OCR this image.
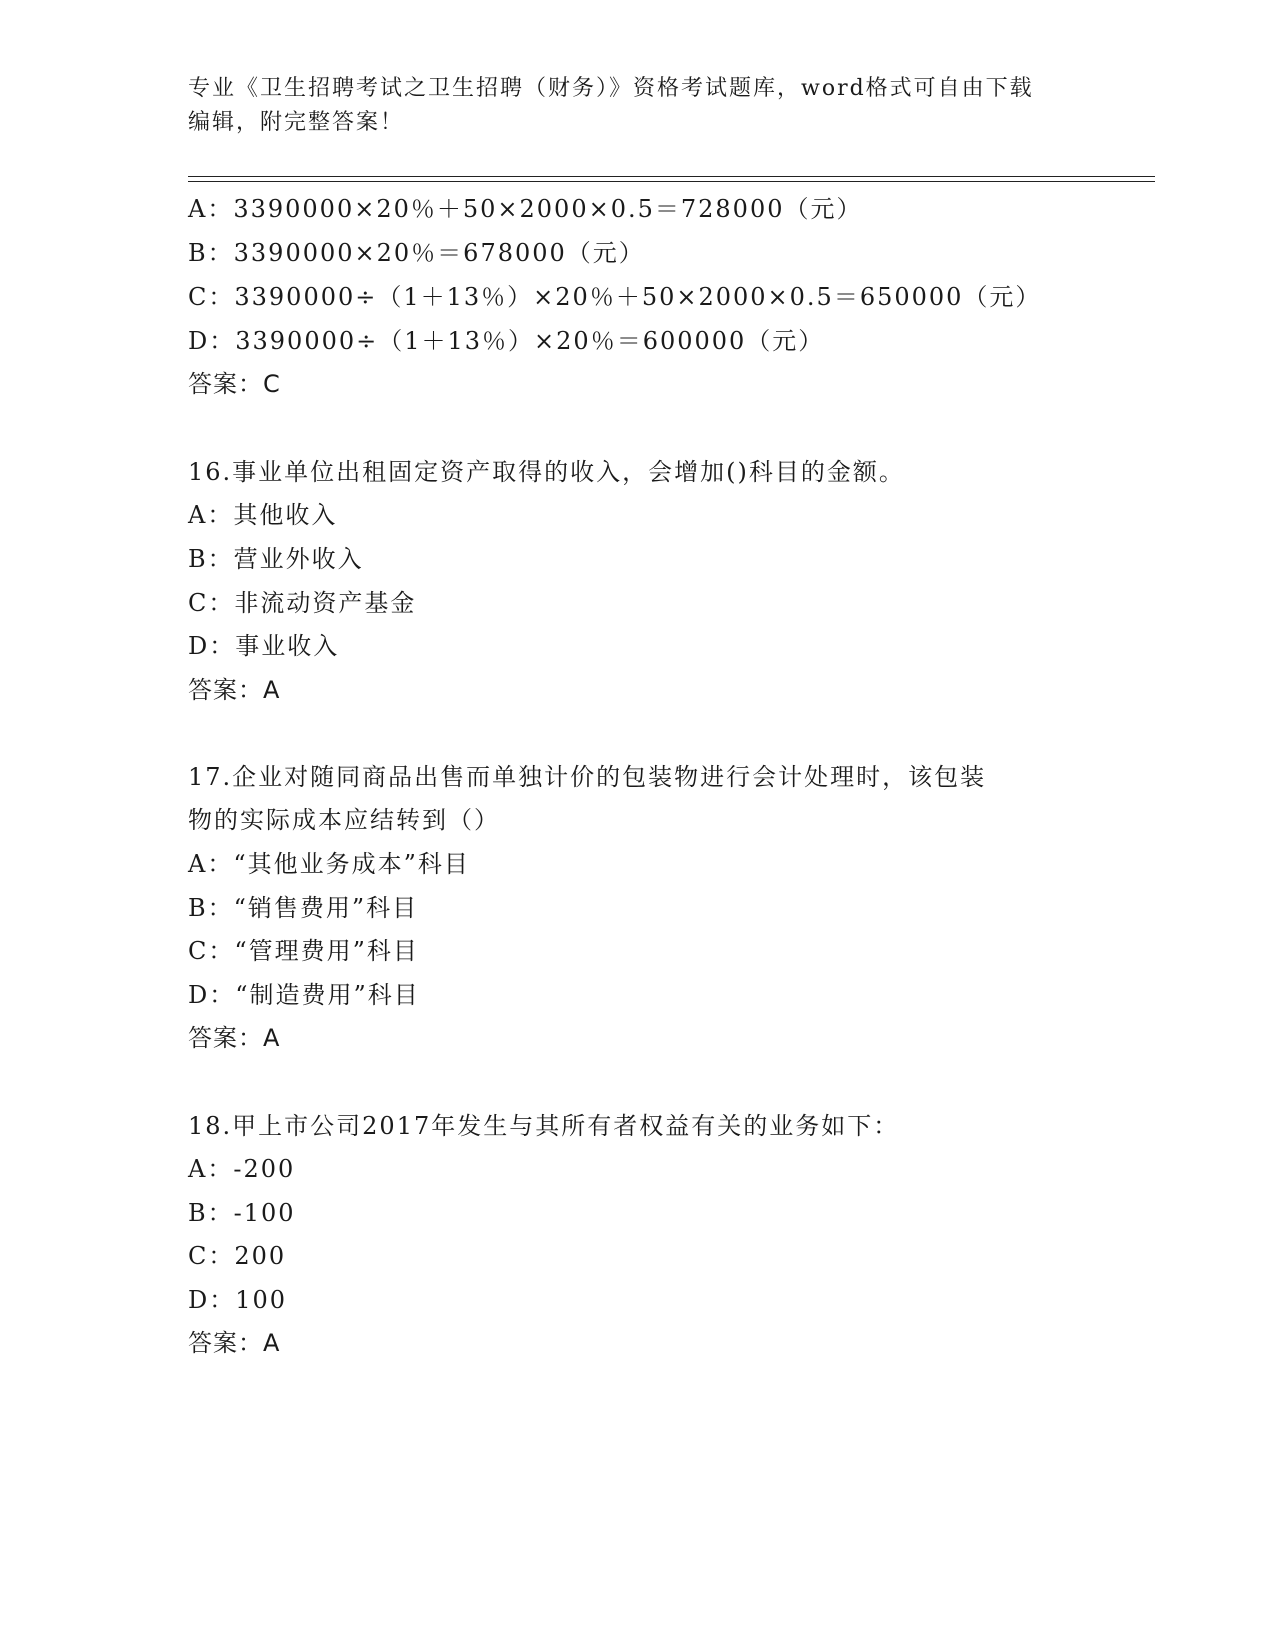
专业《卫生招聘考试之卫生招聘（财务）》资格考试题库，word格式可自由下载
编辑，附完整答案！
A：3390000×20％＋50×2000×0.5＝728000（元）
B：3390000×20％＝678000（元）
C：3390000÷（1＋13％）×20％＋50×2000×0.5＝650000（元）
D：3390000÷（1＋13％）×20％＝600000（元）
答案：C
16.事业单位出租固定资产取得的收入，会增加()科目的金额。
A：其他收入
B：营业外收入
C：非流动资产基金
D：事业收入
答案：A
17.企业对随同商品出售而单独计价的包装物进行会计处理时，该包装
物的实际成本应结转到（）
A：“其他业务成本”科目
B：“销售费用”科目
C：“管理费用”科目
D：“制造费用”科目
答案：A
18.甲上市公司2017年发生与其所有者权益有关的业务如下：
A：-200
B：-100
C：200
D：100
答案：A
